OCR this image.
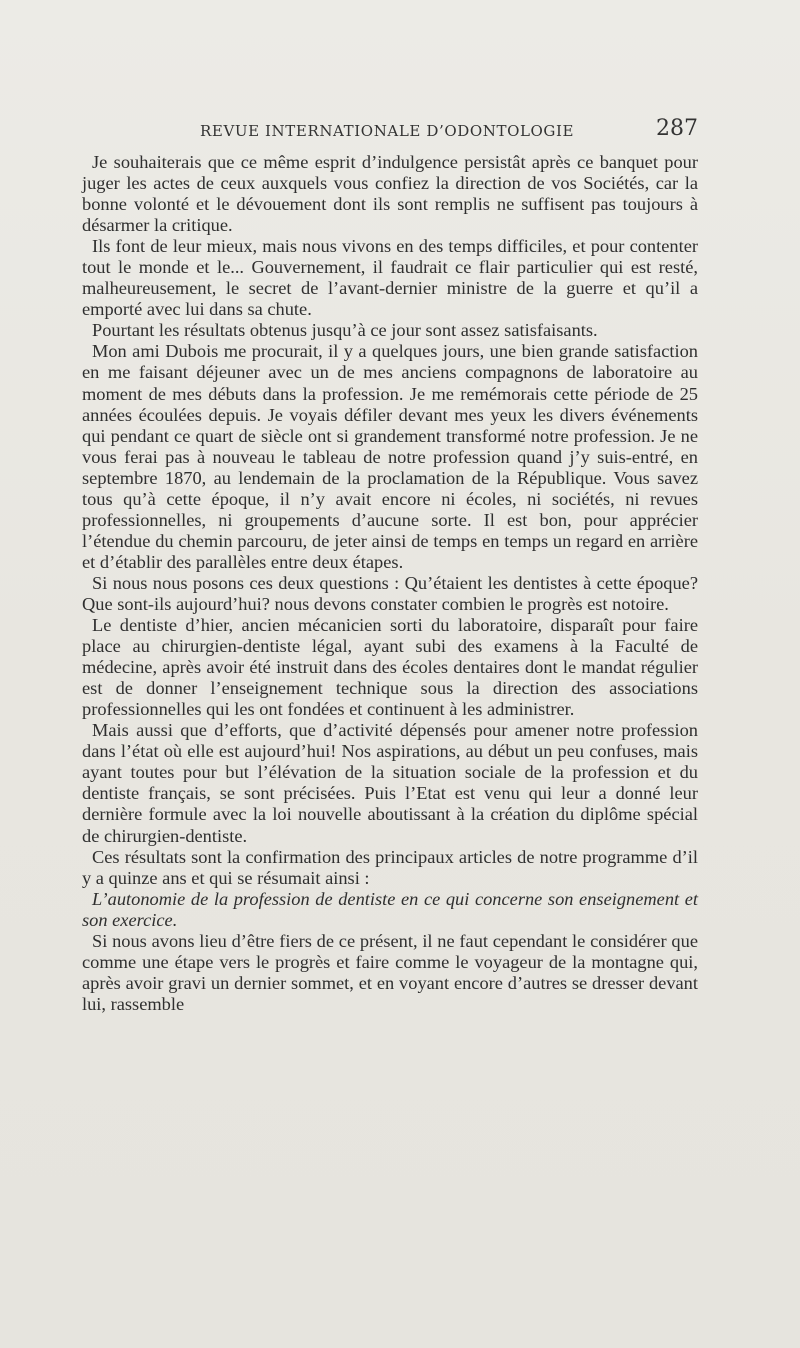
REVUE INTERNATIONALE D’ODONTOLOGIE	287

Je souhaiterais que ce même esprit d’indulgence persistât après ce banquet pour juger les actes de ceux auxquels vous confiez la direction de vos Sociétés, car la bonne volonté et le dévouement dont ils sont remplis ne suffisent pas toujours à désarmer la critique.

Ils font de leur mieux, mais nous vivons en des temps difficiles, et pour contenter tout le monde et le... Gouvernement, il faudrait ce flair particulier qui est resté, malheureusement, le secret de l’avant-dernier ministre de la guerre et qu’il a emporté avec lui dans sa chute.

Pourtant les résultats obtenus jusqu’à ce jour sont assez satisfaisants.

Mon ami Dubois me procurait, il y a quelques jours, une bien grande satisfaction en me faisant déjeuner avec un de mes anciens compagnons de laboratoire au moment de mes débuts dans la profession. Je me remémorais cette période de 25 années écoulées depuis. Je voyais défiler devant mes yeux les divers événements qui pendant ce quart de siècle ont si grandement transformé notre profession. Je ne vous ferai pas à nouveau le tableau de notre profession quand j’y suis-entré, en septembre 1870, au lendemain de la proclamation de la République. Vous savez tous qu’à cette époque, il n’y avait encore ni écoles, ni sociétés, ni revues professionnelles, ni groupements d’aucune sorte. Il est bon, pour apprécier l’étendue du chemin parcouru, de jeter ainsi de temps en temps un regard en arrière et d’établir des parallèles entre deux étapes.

Si nous nous posons ces deux questions : Qu’étaient les dentistes à cette époque? Que sont-ils aujourd’hui? nous devons constater combien le progrès est notoire.

Le dentiste d’hier, ancien mécanicien sorti du laboratoire, disparaît pour faire place au chirurgien-dentiste légal, ayant subi des examens à la Faculté de médecine, après avoir été instruit dans des écoles dentaires dont le mandat régulier est de donner l’enseignement technique sous la direction des associations professionnelles qui les ont fondées et continuent à les administrer.

Mais aussi que d’efforts, que d’activité dépensés pour amener notre profession dans l’état où elle est aujourd’hui! Nos aspirations, au début un peu confuses, mais ayant toutes pour but l’élévation de la situation sociale de la profession et du dentiste français, se sont précisées. Puis l’Etat est venu qui leur a donné leur dernière formule avec la loi nouvelle aboutissant à la création du diplôme spécial de chirurgien-dentiste.

Ces résultats sont la confirmation des principaux articles de notre programme d’il y a quinze ans et qui se résumait ainsi :

L’autonomie de la profession de dentiste en ce qui concerne son enseignement et son exercice.

Si nous avons lieu d’être fiers de ce présent, il ne faut cependant le considérer que comme une étape vers le progrès et faire comme le voyageur de la montagne qui, après avoir gravi un dernier sommet, et en voyant encore d’autres se dresser devant lui, rassemble
